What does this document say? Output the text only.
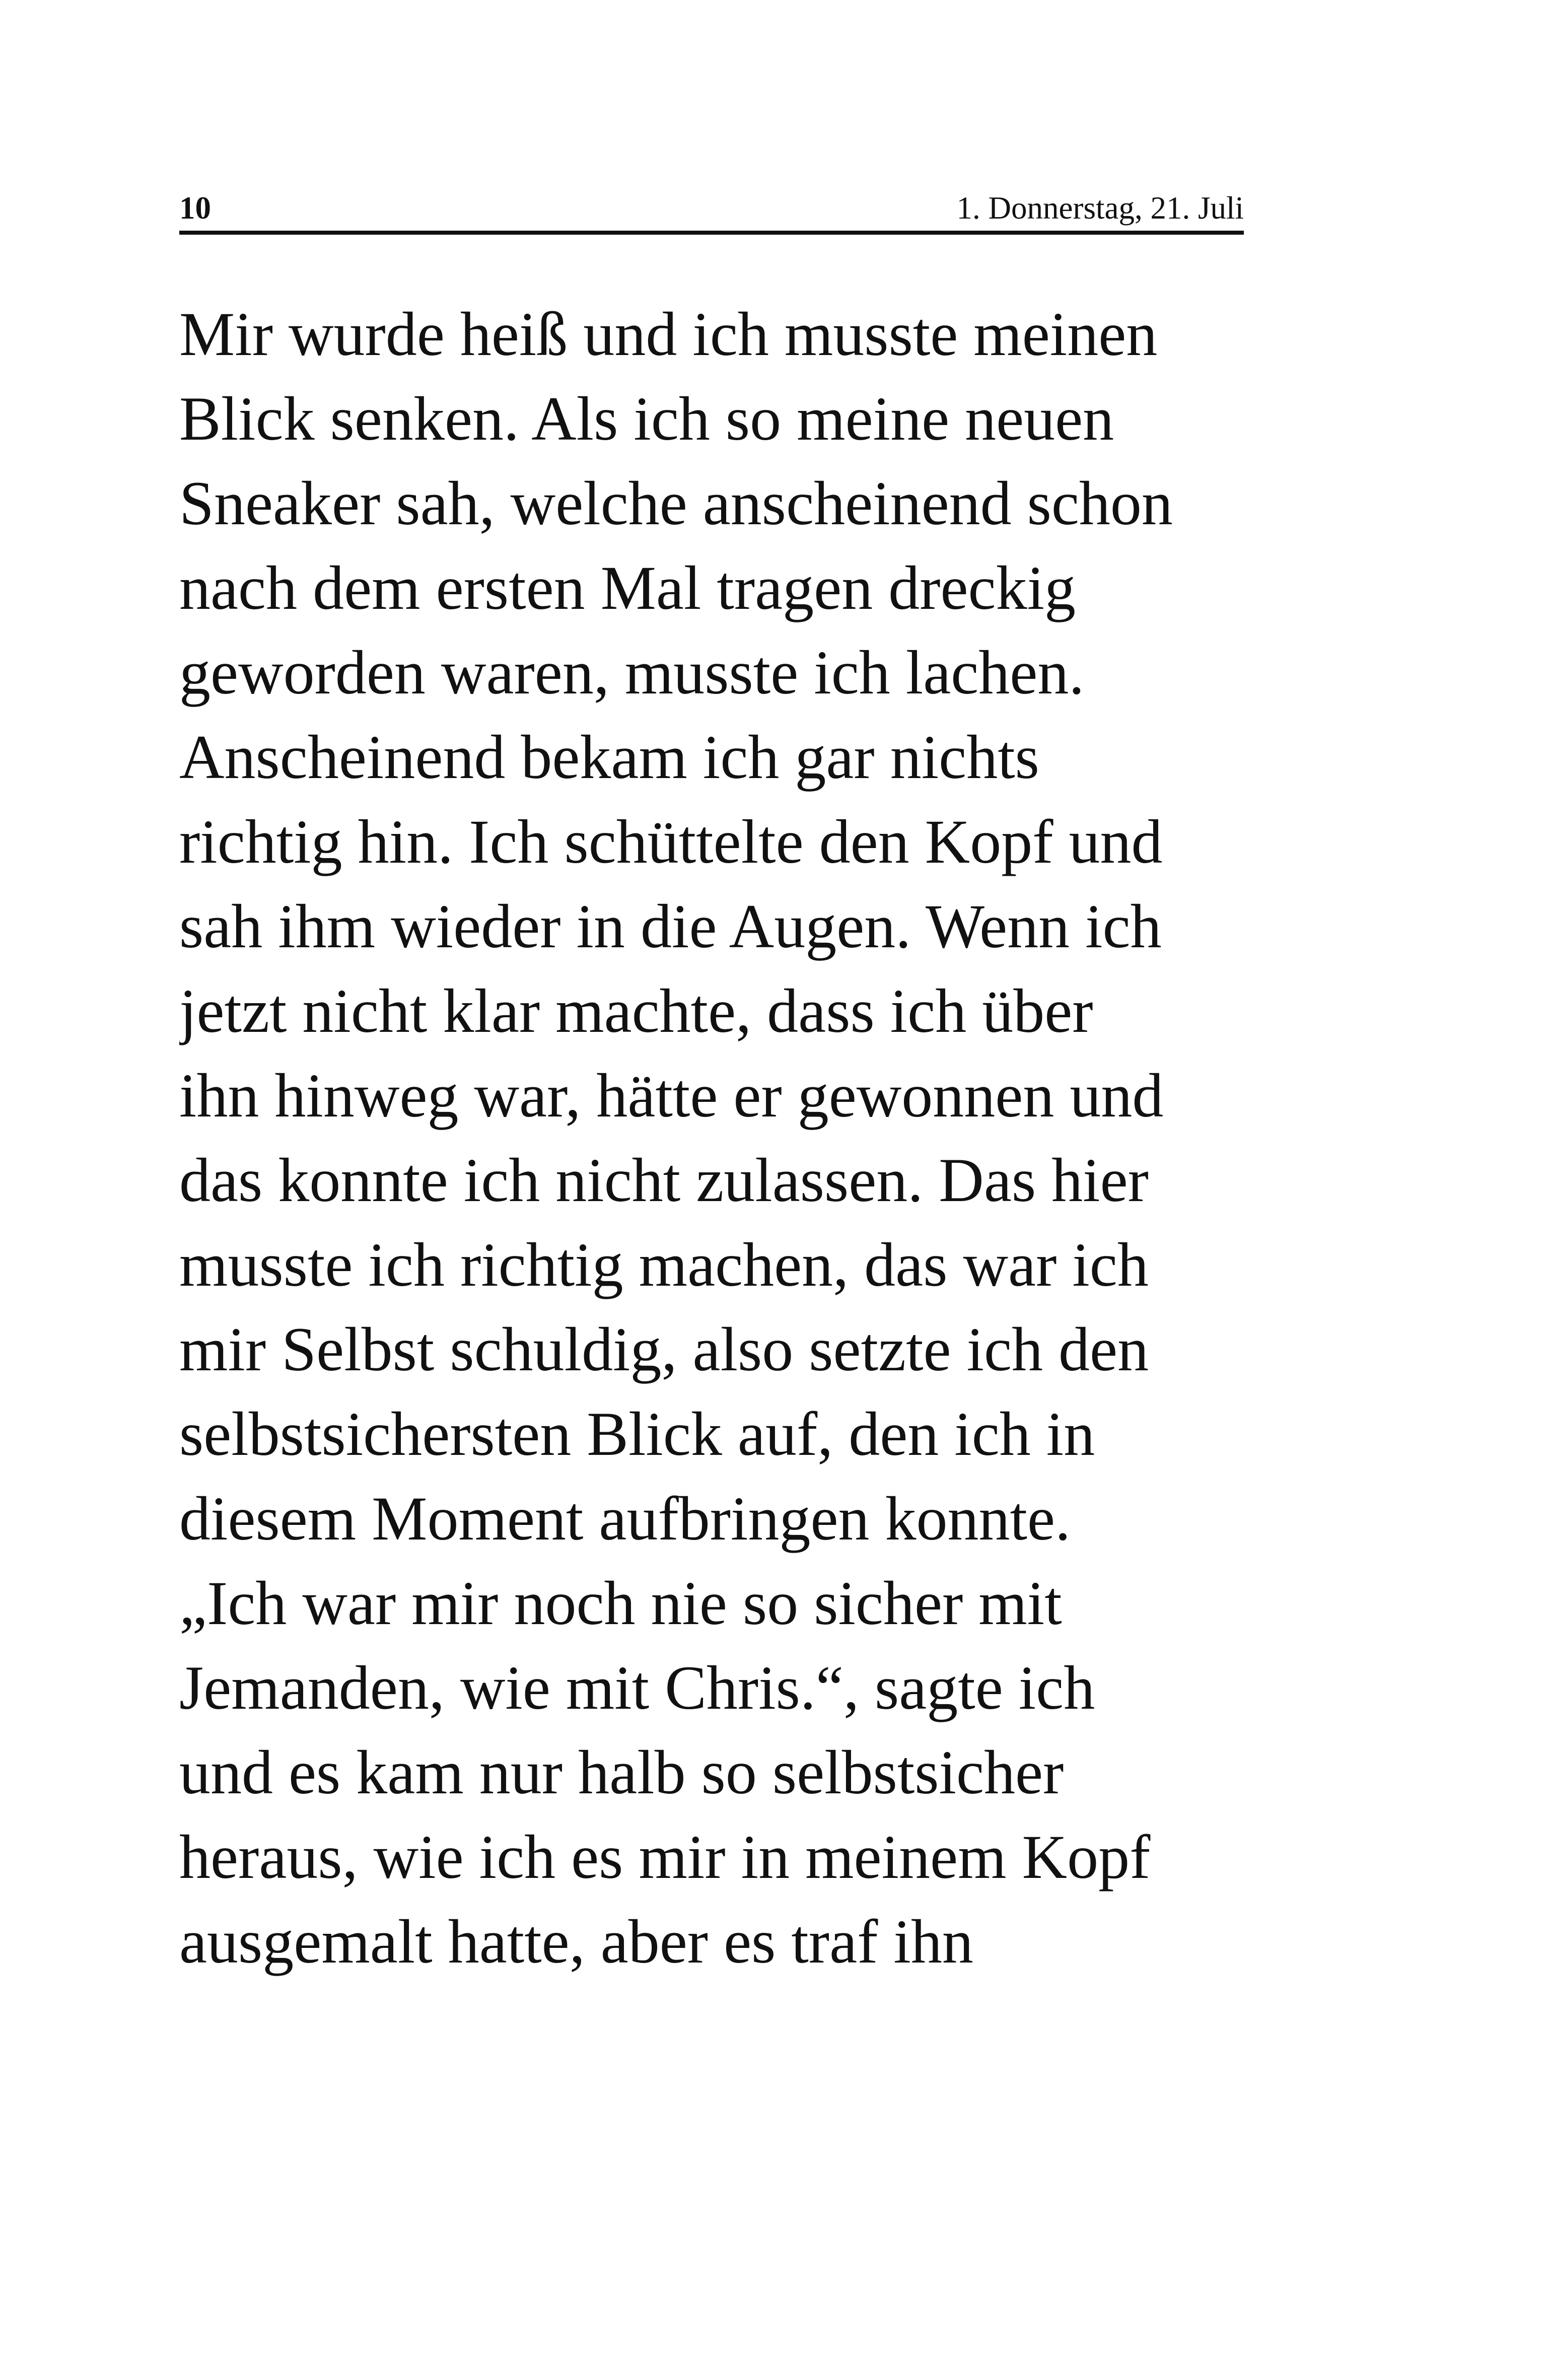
10	1. Donnerstag, 21. Juli
Mir wurde heiß und ich musste meinen
Blick senken. Als ich so meine neuen
Sneaker sah, welche anscheinend schon
nach dem ersten Mal tragen dreckig
geworden waren, musste ich lachen.
Anscheinend bekam ich gar nichts
richtig hin. Ich schüttelte den Kopf und
sah ihm wieder in die Augen. Wenn ich
jetzt nicht klar machte, dass ich über
ihn hinweg war, hätte er gewonnen und
das konnte ich nicht zulassen. Das hier
musste ich richtig machen, das war ich
mir Selbst schuldig, also setzte ich den
selbstsichersten Blick auf, den ich in
diesem Moment aufbringen konnte.
„Ich war mir noch nie so sicher mit
Jemanden, wie mit Chris.“, sagte ich
und es kam nur halb so selbstsicher
heraus, wie ich es mir in meinem Kopf
ausgemalt hatte, aber es traf ihn
